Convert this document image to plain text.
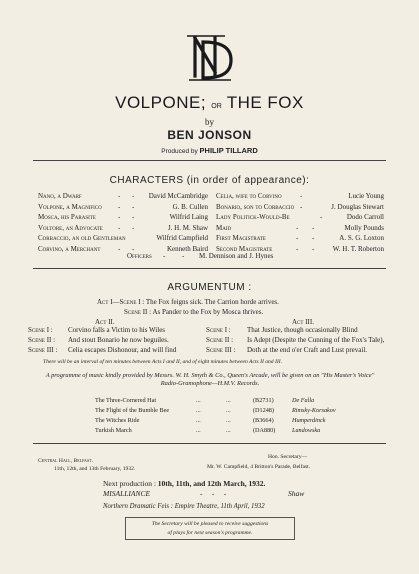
VOLPONE; or THE FOX
by
BEN JONSON
Produced by PHILIP TILLARD
CHARACTERS (in order of appearance):
Nano, a Dwarf	- - David McCambridge
Volpone, a Magnifico - -	G. B. Cullen
Mosca, his Parasite	- -	Wilfrid Laing
Voltore, an Advocate - -	J. H. M. Shaw
Corbaccio, an old Gentleman	Wilfrid Campfield
Corvino, a Merchant	- -	Kenneth Baird
Celia, wife to Corvino	-	Lucie Young
Bonario, son to Corbaccio -	J. Douglas Stewart
Lady Politick-Would-Be	-	Dodo Carroll
Maid	- -	Molly Pounds
First Magistrate	- -	A. S. G. Loxton
Second Magistrate	- -	W. H. T. Roberton
Officers - - M. Dennison and J. Hynes
ARGUMENTUM :
Act I—Scene I : The Fox feigns sick. The Carrion horde arrives.
Scene II : As Pander to the Fox by Mosca thrives.
Act II.	Act III.
Scene I : Corvino falls a Victim to his Wiles
Scene II : And stout Bonario he now beguiles.
Scene III : Celia escapes Dishonour, and will find
Scene I : That Justice, though occasionally Blind
Scene II : Is Adept (Despite the Cunning of the Fox's Tale),
Scene III : Doth at the end o'er Craft and Lust prevail.
There will be an interval of ten minutes between Acts I and II, and of eight minutes between Acts II and III.
A programme of music kindly provided by Messrs. W. H. Smyth & Co., Queen's Arcade, will be given on an "His Master's Voice" Radio-Gramophone—H.M.V. Records.
The Three-Cornered Hat	...	...	(B2731)	De Falla
The Flight of the Bumble Bee	...	...	(D1248)	Rimsky-Korsakov
The Witches Ride	...	...	(B3664)	Humperdinck
Turkish March	...	...	(DA880)	Landowska
Central Hall, Belfast.
11th, 12th, and 13th February, 1932.
Hon. Secretary—
Mr. W. Campfield, 4 Britton's Parade, Belfast.
Next production : 10th, 11th, and 12th March, 1932.
MISALLIANCE	-     -     -	Shaw
Northern Dramatic Feis : Empire Theatre, 11th April, 1932
The Secretary will be pleased to receive suggestions
of plays for next season's programme.
